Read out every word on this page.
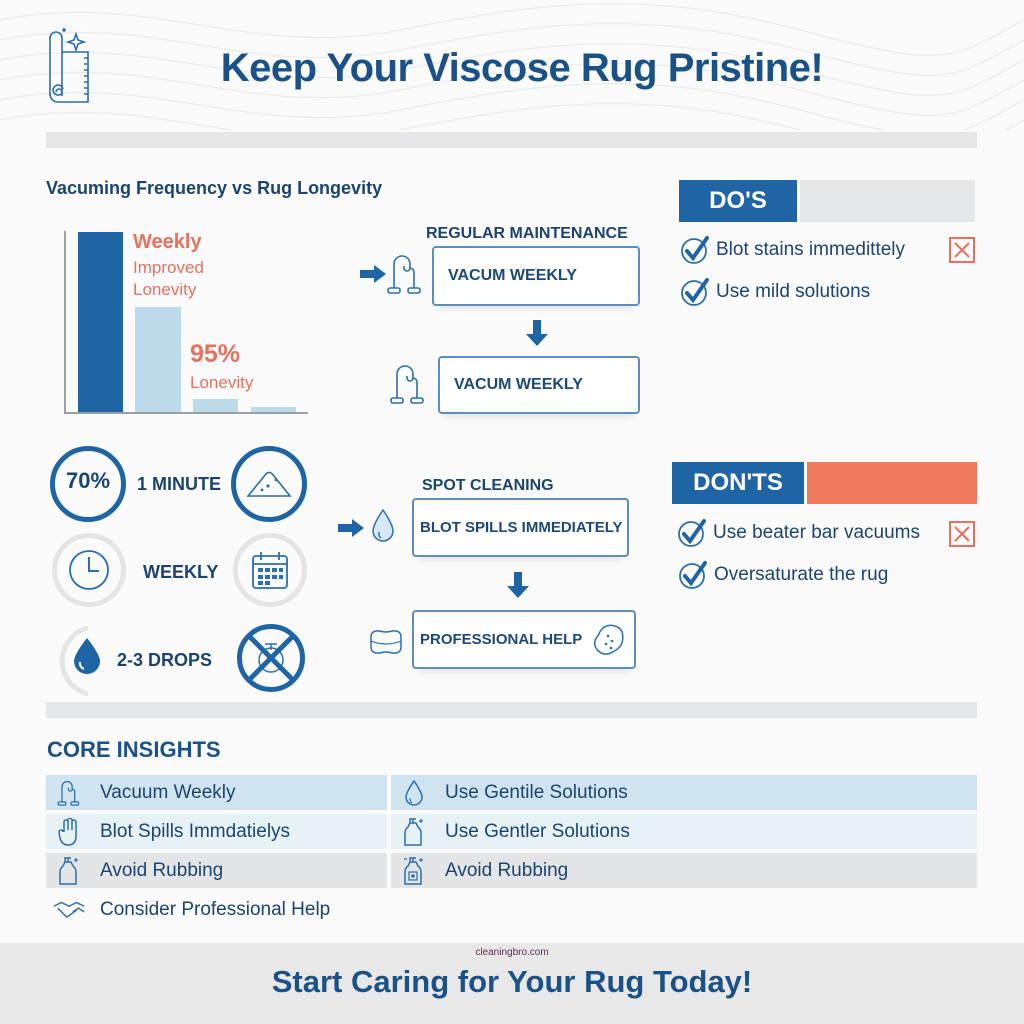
Keep Your Viscose Rug Pristine!
Vacuming Frequency vs Rug Longevity
Weekly
Improved
Lonevity
95%
Lonevity
REGULAR MAINTENANCE
VACUM WEEKLY
VACUM WEEKLY
DO'S
Blot stains immedittely
Use mild solutions
70% 1 MINUTE
WEEKLY
2-3 DROPS
SPOT CLEANING
BLOT SPILLS IMMEDIATELY
PROFESSIONAL HELP
DON'TS
Use beater bar vacuums
Oversaturate the rug
CORE INSIGHTS
Vacuum Weekly
Blot Spills Immdatielys
Avoid Rubbing
Consider Professional Help
Use Gentile Solutions
Use Gentler Solutions
Avoid Rubbing
cleaningbro.com
Start Caring for Your Rug Today!
